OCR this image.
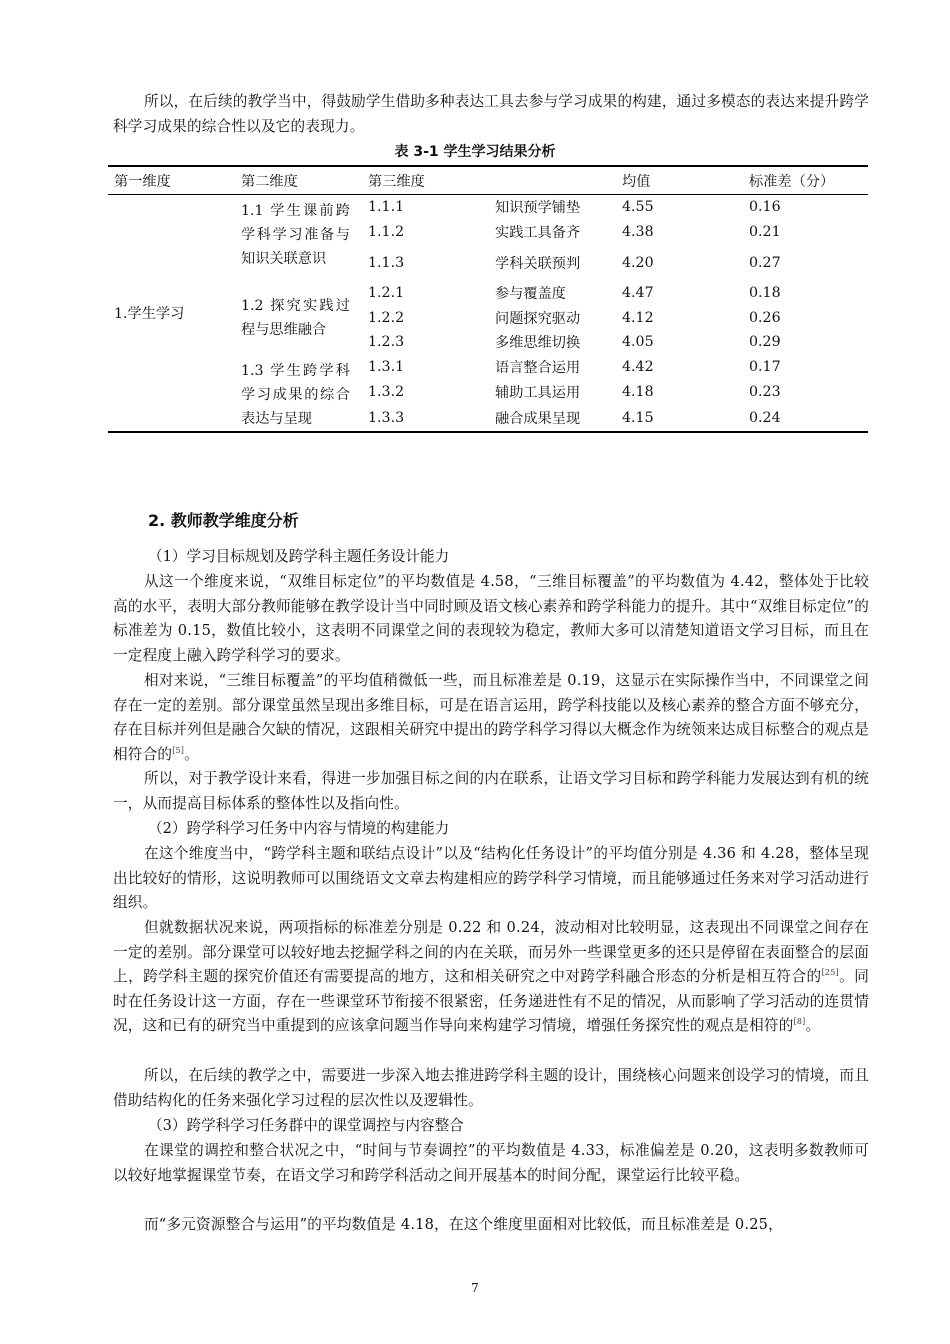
所以，在后续的教学当中，得鼓励学生借助多种表达工具去参与学习成果的构建，通过多模态的表达来提升跨学科学习成果的综合性以及它的表现力。

表 3-1 学生学习结果分析
第一维度	第二维度	第三维度		均值	标准差（分）
1.学生学习	1.1 学生课前跨学科学习准备与知识关联意识	1.1.1	知识预学铺垫	4.55	0.16
		1.1.2	实践工具备齐	4.38	0.21
		1.1.3	学科关联预判	4.20	0.27
	1.2 探究实践过程与思维融合	1.2.1	参与覆盖度	4.47	0.18
		1.2.2	问题探究驱动	4.12	0.26
		1.2.3	多维思维切换	4.05	0.29
	1.3 学生跨学科学习成果的综合表达与呈现	1.3.1	语言整合运用	4.42	0.17
		1.3.2	辅助工具运用	4.18	0.23
		1.3.3	融合成果呈现	4.15	0.24
2. 教师教学维度分析

（1）学习目标规划及跨学科主题任务设计能力

从这一个维度来说，“双维目标定位”的平均数值是 4.58，“三维目标覆盖”的平均数值为 4.42，整体处于比较高的水平，表明大部分教师能够在教学设计当中同时顾及语文核心素养和跨学科能力的提升。其中“双维目标定位”的标准差为 0.15，数值比较小，这表明不同课堂之间的表现较为稳定，教师大多可以清楚知道语文学习目标，而且在一定程度上融入跨学科学习的要求。

相对来说，“三维目标覆盖”的平均值稍微低一些，而且标准差是 0.19，这显示在实际操作当中，不同课堂之间存在一定的差别。部分课堂虽然呈现出多维目标，可是在语言运用，跨学科技能以及核心素养的整合方面不够充分，存在目标并列但是融合欠缺的情况，这跟相关研究中提出的跨学科学习得以大概念作为统领来达成目标整合的观点是相符合的[5]。

所以，对于教学设计来看，得进一步加强目标之间的内在联系，让语文学习目标和跨学科能力发展达到有机的统一，从而提高目标体系的整体性以及指向性。

（2）跨学科学习任务中内容与情境的构建能力

在这个维度当中，“跨学科主题和联结点设计”以及“结构化任务设计”的平均值分别是 4.36 和 4.28，整体呈现出比较好的情形，这说明教师可以围绕语文文章去构建相应的跨学科学习情境，而且能够通过任务来对学习活动进行组织。

但就数据状况来说，两项指标的标准差分别是 0.22 和 0.24，波动相对比较明显，这表现出不同课堂之间存在一定的差别。部分课堂可以较好地去挖掘学科之间的内在关联，而另外一些课堂更多的还只是停留在表面整合的层面上，跨学科主题的探究价值还有需要提高的地方，这和相关研究之中对跨学科融合形态的分析是相互符合的[25]。同时在任务设计这一方面，存在一些课堂环节衔接不很紧密，任务递进性有不足的情况，从而影响了学习活动的连贯情况，这和已有的研究当中重提到的应该拿问题当作导向来构建学习情境，增强任务探究性的观点是相符的[8]。

所以，在后续的教学之中，需要进一步深入地去推进跨学科主题的设计，围绕核心问题来创设学习的情境，而且借助结构化的任务来强化学习过程的层次性以及逻辑性。

（3）跨学科学习任务群中的课堂调控与内容整合

在课堂的调控和整合状况之中，“时间与节奏调控”的平均数值是 4.33，标准偏差是 0.20，这表明多数教师可以较好地掌握课堂节奏，在语文学习和跨学科活动之间开展基本的时间分配，课堂运行比较平稳。

而“多元资源整合与运用”的平均数值是 4.18，在这个维度里面相对比较低，而且标准差是 0.25，

7
